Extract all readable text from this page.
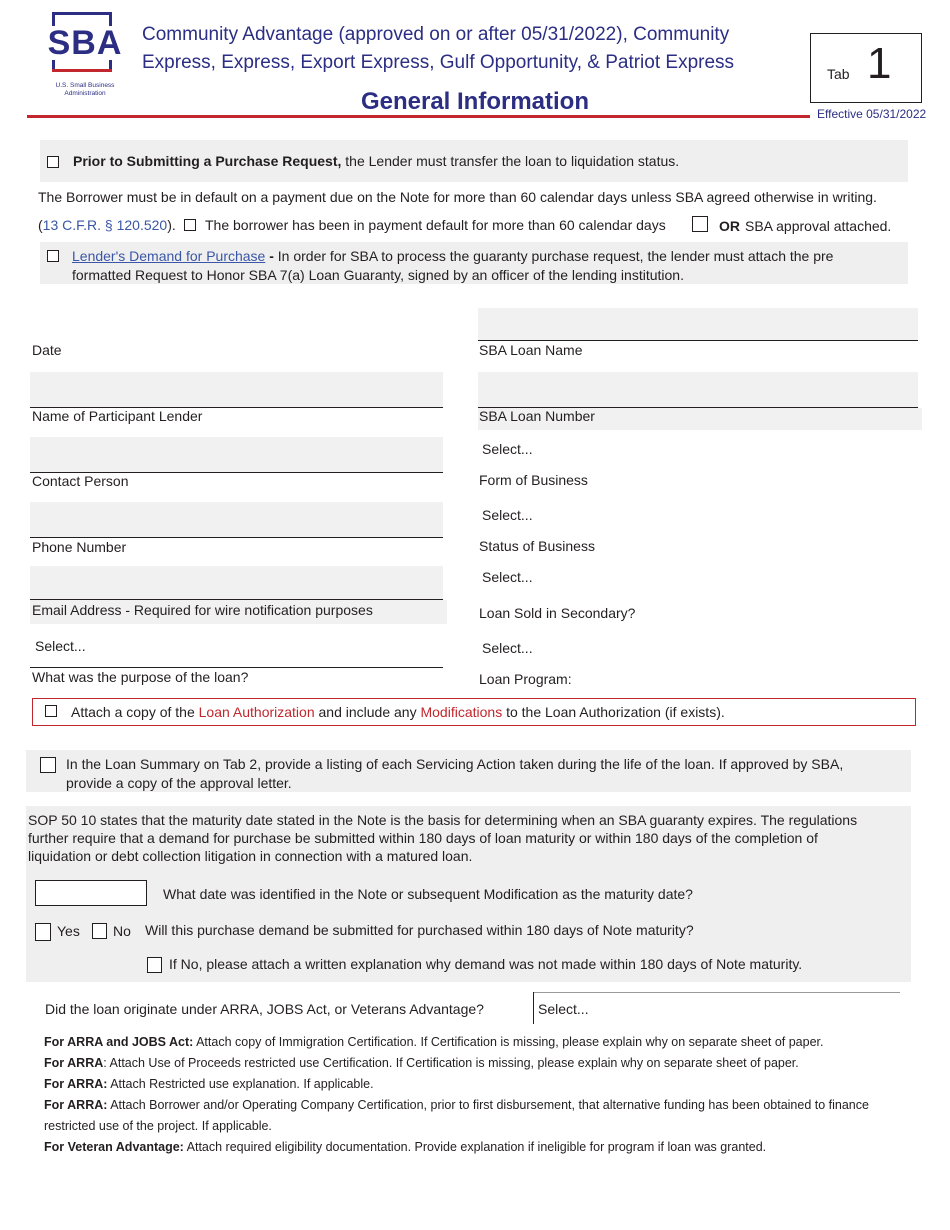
SBA
U.S. Small Business
Administration
Community Advantage (approved on or after 05/31/2022), Community
Express, Express, Export Express, Gulf Opportunity, & Patriot Express
General Information
Tab 1
Effective 05/31/2022
Prior to Submitting a Purchase Request, the Lender must transfer the loan to liquidation status.
The Borrower must be in default on a payment due on the Note for more than 60 calendar days unless SBA agreed otherwise in writing.
(13 C.F.R. § 120.520). The borrower has been in payment default for more than 60 calendar days	OR SBA approval attached.
Lender's Demand for Purchase - In order for SBA to process the guaranty purchase request, the lender must attach the pre
formatted Request to Honor SBA 7(a) Loan Guaranty, signed by an officer of the lending institution.
Date
Name of Participant Lender
Contact Person
Phone Number
Email Address - Required for wire notification purposes
Select...
What was the purpose of the loan?
SBA Loan Name
SBA Loan Number
Select...
Form of Business
Select...
Status of Business
Select...
Loan Sold in Secondary?
Select...
Loan Program:
Attach a copy of the Loan Authorization and include any Modifications to the Loan Authorization (if exists).
In the Loan Summary on Tab 2, provide a listing of each Servicing Action taken during the life of the loan. If approved by SBA,
provide a copy of the approval letter.
SOP 50 10 states that the maturity date stated in the Note is the basis for determining when an SBA guaranty expires. The regulations
further require that a demand for purchase be submitted within 180 days of loan maturity or within 180 days of the completion of
liquidation or debt collection litigation in connection with a matured loan.
What date was identified in the Note or subsequent Modification as the maturity date?
Yes No Will this purchase demand be submitted for purchased within 180 days of Note maturity?
If No, please attach a written explanation why demand was not made within 180 days of Note maturity.
Did the loan originate under ARRA, JOBS Act, or Veterans Advantage?	Select...
For ARRA and JOBS Act: Attach copy of Immigration Certification. If Certification is missing, please explain why on separate sheet of paper.
For ARRA: Attach Use of Proceeds restricted use Certification. If Certification is missing, please explain why on separate sheet of paper.
For ARRA: Attach Restricted use explanation. If applicable.
For ARRA: Attach Borrower and/or Operating Company Certification, prior to first disbursement, that alternative funding has been obtained to finance
restricted use of the project. If applicable.
For Veteran Advantage: Attach required eligibility documentation. Provide explanation if ineligible for program if loan was granted.
